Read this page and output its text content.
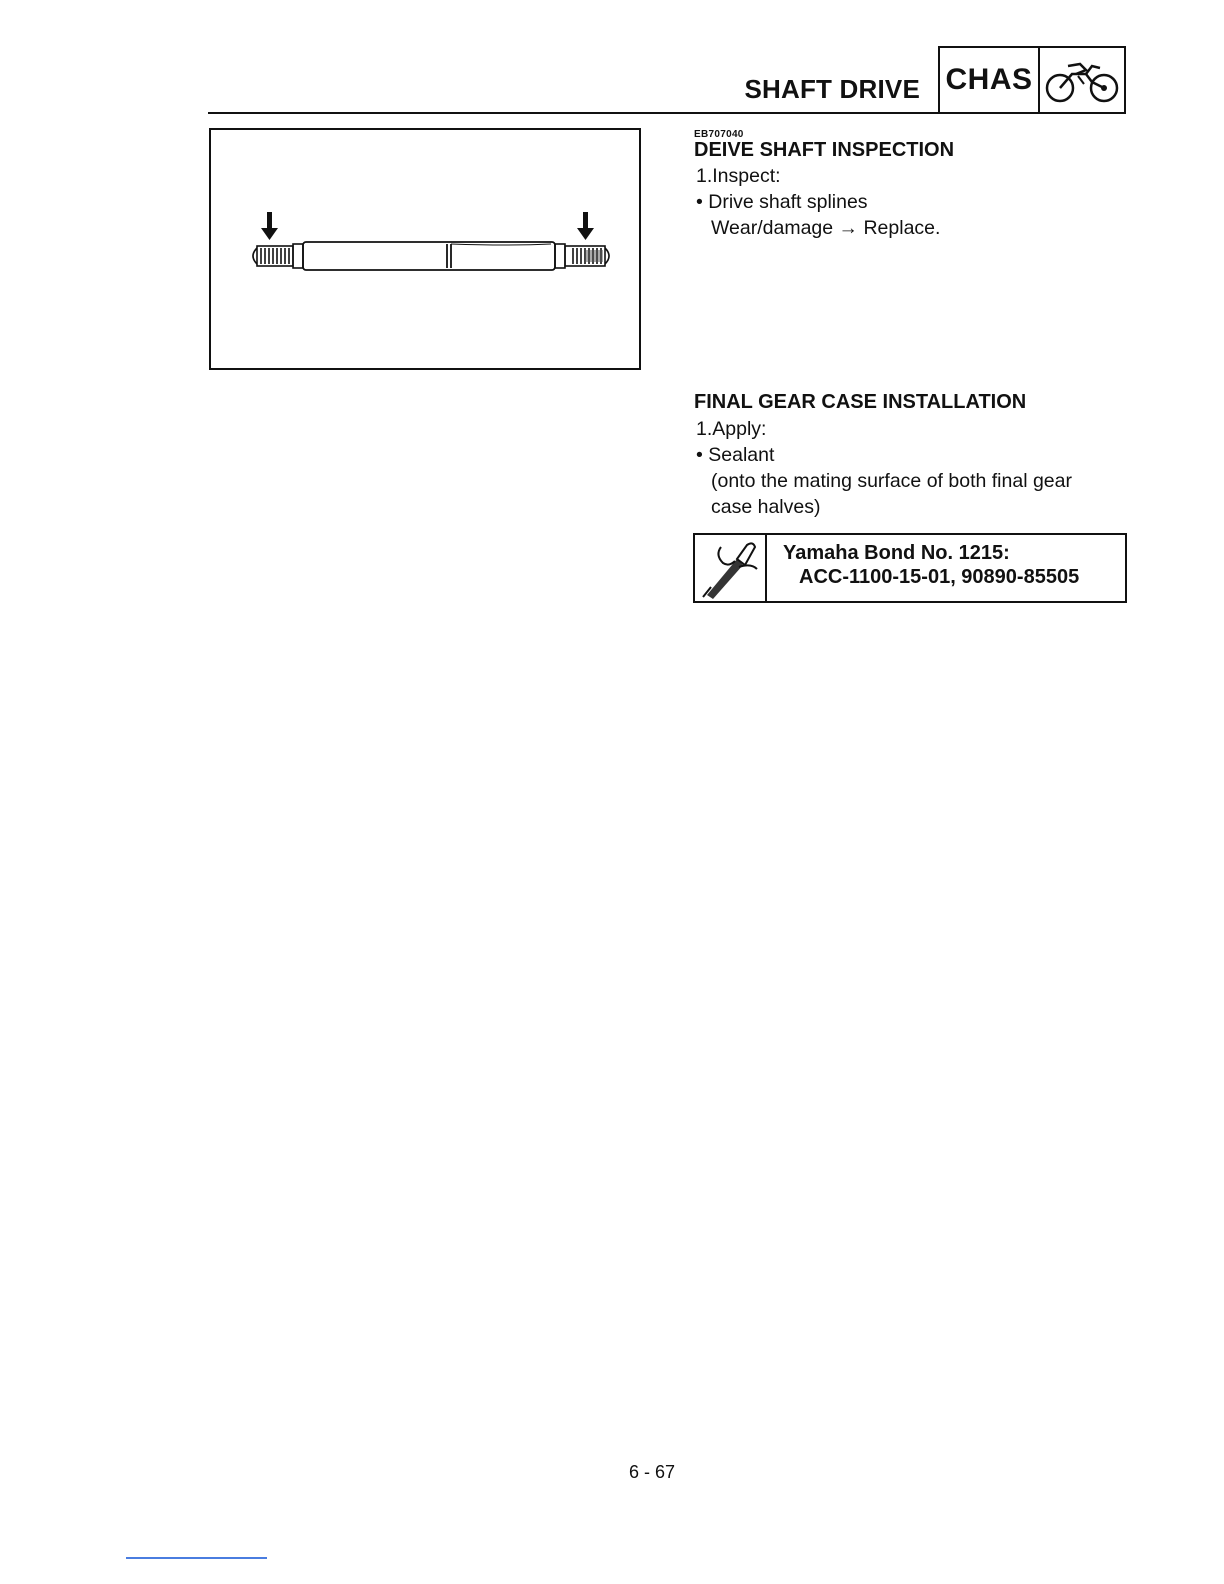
SHAFT DRIVE CHAS
EB707040
DEIVE SHAFT INSPECTION
1.Inspect:
• Drive shaft splines
Wear/damage → Replace.
FINAL GEAR CASE INSTALLATION
1.Apply:
• Sealant
(onto the mating surface of both final gear
case halves)
Yamaha Bond No. 1215:
ACC-1100-15-01, 90890-85505
6 - 67
